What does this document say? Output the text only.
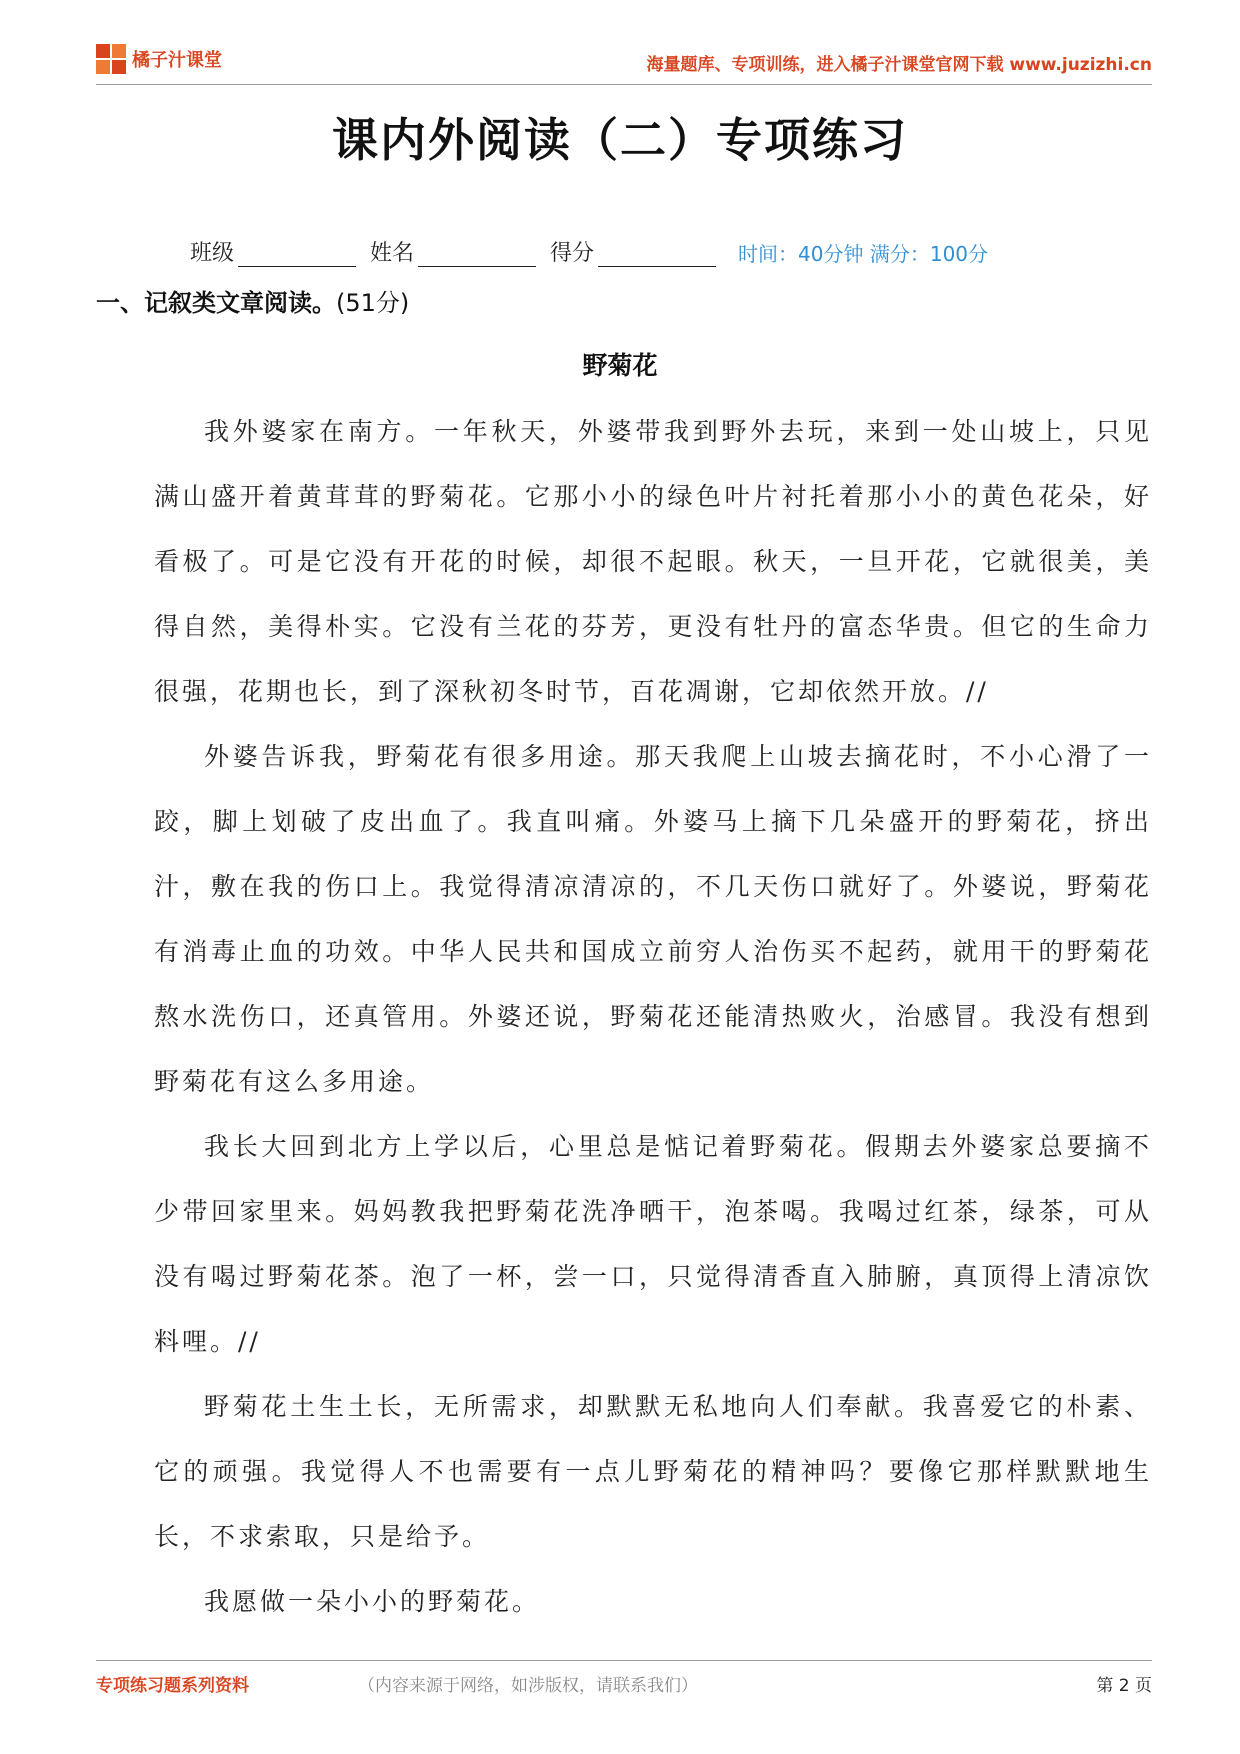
橘子汁课堂	海量题库、专项训练，进入橘子汁课堂官网下载 www.juzizhi.cn
课内外阅读（二）专项练习
班级	姓名	得分	时间：40分钟 满分：100分
一、记叙类文章阅读。(51分)
野菊花

我外婆家在南方。一年秋天，外婆带我到野外去玩，来到一处山坡上，只见满山盛开着黄茸茸的野菊花。它那小小的绿色叶片衬托着那小小的黄色花朵，好看极了。可是它没有开花的时候，却很不起眼。秋天，一旦开花，它就很美，美得自然，美得朴实。它没有兰花的芬芳，更没有牡丹的富态华贵。但它的生命力很强，花期也长，到了深秋初冬时节，百花凋谢，它却依然开放。//

外婆告诉我，野菊花有很多用途。那天我爬上山坡去摘花时，不小心滑了一跤，脚上划破了皮出血了。我直叫痛。外婆马上摘下几朵盛开的野菊花，挤出汁，敷在我的伤口上。我觉得清凉清凉的，不几天伤口就好了。外婆说，野菊花有消毒止血的功效。中华人民共和国成立前穷人治伤买不起药，就用干的野菊花熬水洗伤口，还真管用。外婆还说，野菊花还能清热败火，治感冒。我没有想到野菊花有这么多用途。

我长大回到北方上学以后，心里总是惦记着野菊花。假期去外婆家总要摘不少带回家里来。妈妈教我把野菊花洗净晒干，泡茶喝。我喝过红茶，绿茶，可从没有喝过野菊花茶。泡了一杯，尝一口，只觉得清香直入肺腑，真顶得上清凉饮料哩。//

野菊花土生土长，无所需求，却默默无私地向人们奉献。我喜爱它的朴素、它的顽强。我觉得人不也需要有一点儿野菊花的精神吗？要像它那样默默地生长，不求索取，只是给予。

我愿做一朵小小的野菊花。

专项练习题系列资料	（内容来源于网络，如涉版权，请联系我们）	第 2 页
